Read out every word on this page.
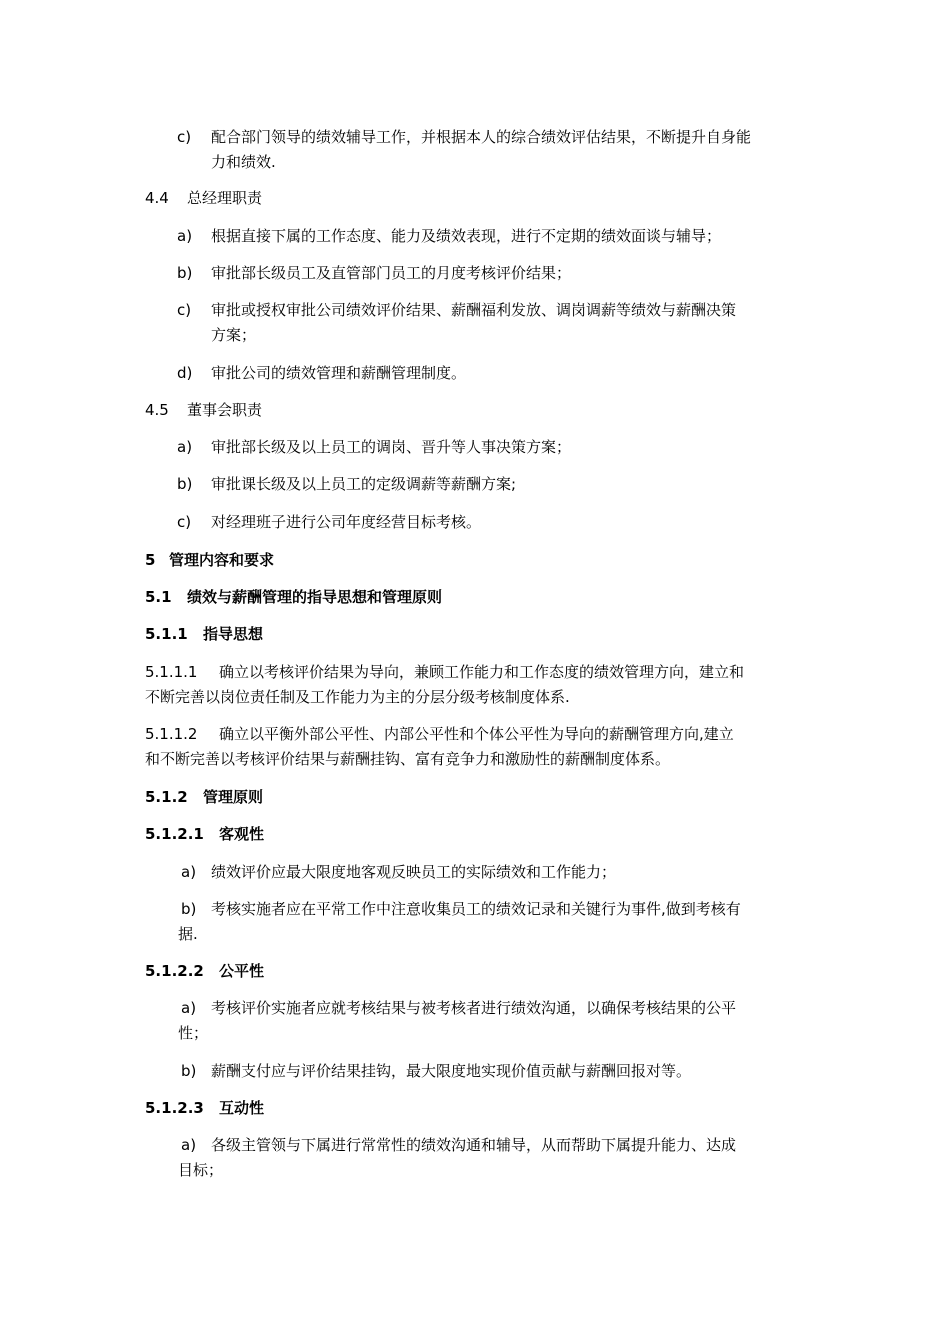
c) 配合部门领导的绩效辅导工作，并根据本人的综合绩效评估结果，不断提升自身能
力和绩效.
4.4 总经理职责
a) 根据直接下属的工作态度、能力及绩效表现，进行不定期的绩效面谈与辅导；
b) 审批部长级员工及直管部门员工的月度考核评价结果；
c) 审批或授权审批公司绩效评价结果、薪酬福利发放、调岗调薪等绩效与薪酬决策
方案；
d) 审批公司的绩效管理和薪酬管理制度。
4.5 董事会职责
a) 审批部长级及以上员工的调岗、晋升等人事决策方案；
b) 审批课长级及以上员工的定级调薪等薪酬方案;
c) 对经理班子进行公司年度经营目标考核。
5 管理内容和要求
5.1 绩效与薪酬管理的指导思想和管理原则
5.1.1 指导思想
5.1.1.1 确立以考核评价结果为导向，兼顾工作能力和工作态度的绩效管理方向，建立和
不断完善以岗位责任制及工作能力为主的分层分级考核制度体系.
5.1.1.2 确立以平衡外部公平性、内部公平性和个体公平性为导向的薪酬管理方向,建立
和不断完善以考核评价结果与薪酬挂钩、富有竞争力和激励性的薪酬制度体系。
5.1.2 管理原则
5.1.2.1 客观性
a) 绩效评价应最大限度地客观反映员工的实际绩效和工作能力；
b) 考核实施者应在平常工作中注意收集员工的绩效记录和关键行为事件,做到考核有
据.
5.1.2.2 公平性
a) 考核评价实施者应就考核结果与被考核者进行绩效沟通，以确保考核结果的公平
性；
b) 薪酬支付应与评价结果挂钩，最大限度地实现价值贡献与薪酬回报对等。
5.1.2.3 互动性
a) 各级主管领与下属进行常常性的绩效沟通和辅导，从而帮助下属提升能力、达成
目标；
